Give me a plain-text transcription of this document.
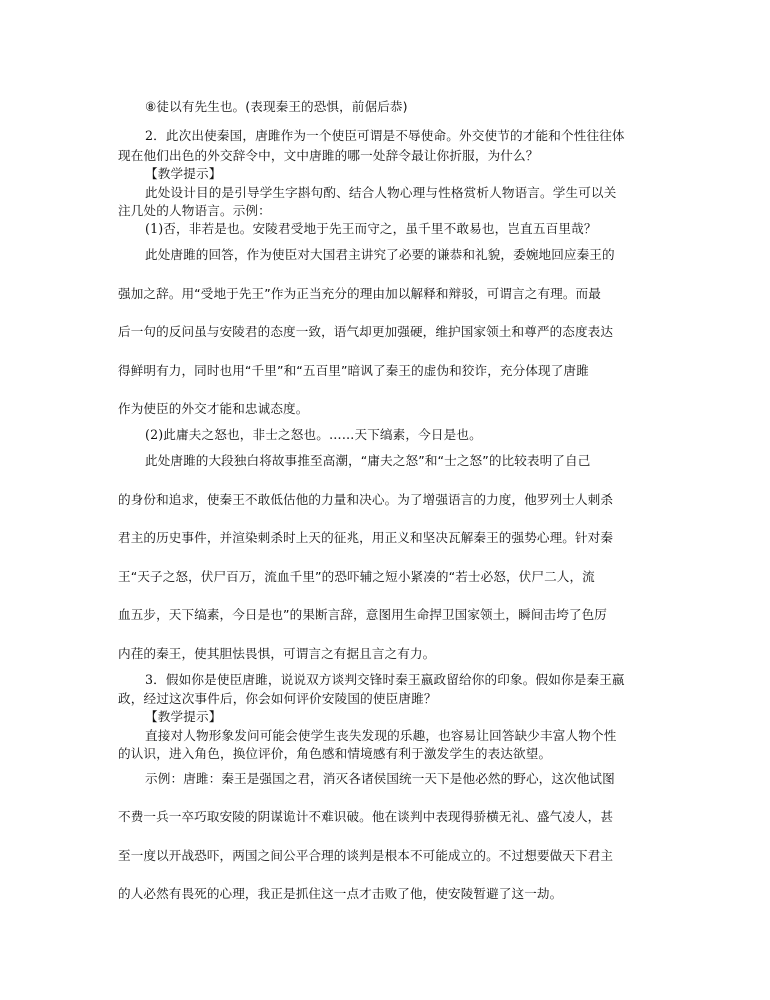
⑧徒以有先生也。(表现秦王的恐惧，前倨后恭)
2．此次出使秦国，唐雎作为一个使臣可谓是不辱使命。外交使节的才能和个性往往体
现在他们出色的外交辞令中，文中唐雎的哪一处辞令最让你折服，为什么？
【教学提示】
此处设计目的是引导学生字斟句酌、结合人物心理与性格赏析人物语言。学生可以关
注几处的人物语言。示例：
(1)否，非若是也。安陵君受地于先王而守之，虽千里不敢易也，岂直五百里哉？
此处唐雎的回答，作为使臣对大国君主讲究了必要的谦恭和礼貌，委婉地回应秦王的
强加之辞。用“受地于先王”作为正当充分的理由加以解释和辩驳，可谓言之有理。而最
后一句的反问虽与安陵君的态度一致，语气却更加强硬，维护国家领土和尊严的态度表达
得鲜明有力，同时也用“千里”和“五百里”暗讽了秦王的虚伪和狡诈，充分体现了唐雎
作为使臣的外交才能和忠诚态度。
(2)此庸夫之怒也，非士之怒也。……天下缟素，今日是也。
此处唐雎的大段独白将故事推至高潮，“庸夫之怒”和“士之怒”的比较表明了自己
的身份和追求，使秦王不敢低估他的力量和决心。为了增强语言的力度，他罗列士人刺杀
君主的历史事件，并渲染刺杀时上天的征兆，用正义和坚决瓦解秦王的强势心理。针对秦
王“天子之怒，伏尸百万，流血千里”的恐吓辅之短小紧凑的“若士必怒，伏尸二人，流
血五步，天下缟素，今日是也”的果断言辞，意图用生命捍卫国家领土，瞬间击垮了色厉
内荏的秦王，使其胆怯畏惧，可谓言之有据且言之有力。
3．假如你是使臣唐雎，说说双方谈判交锋时秦王嬴政留给你的印象。假如你是秦王嬴
政，经过这次事件后，你会如何评价安陵国的使臣唐雎？
【教学提示】
直接对人物形象发问可能会使学生丧失发现的乐趣，也容易让回答缺少丰富人物个性
的认识，进入角色，换位评价，角色感和情境感有利于激发学生的表达欲望。
示例：唐雎：秦王是强国之君，消灭各诸侯国统一天下是他必然的野心，这次他试图
不费一兵一卒巧取安陵的阴谋诡计不难识破。他在谈判中表现得骄横无礼、盛气凌人，甚
至一度以开战恐吓，两国之间公平合理的谈判是根本不可能成立的。不过想要做天下君主
的人必然有畏死的心理，我正是抓住这一点才击败了他，使安陵暂避了这一劫。
